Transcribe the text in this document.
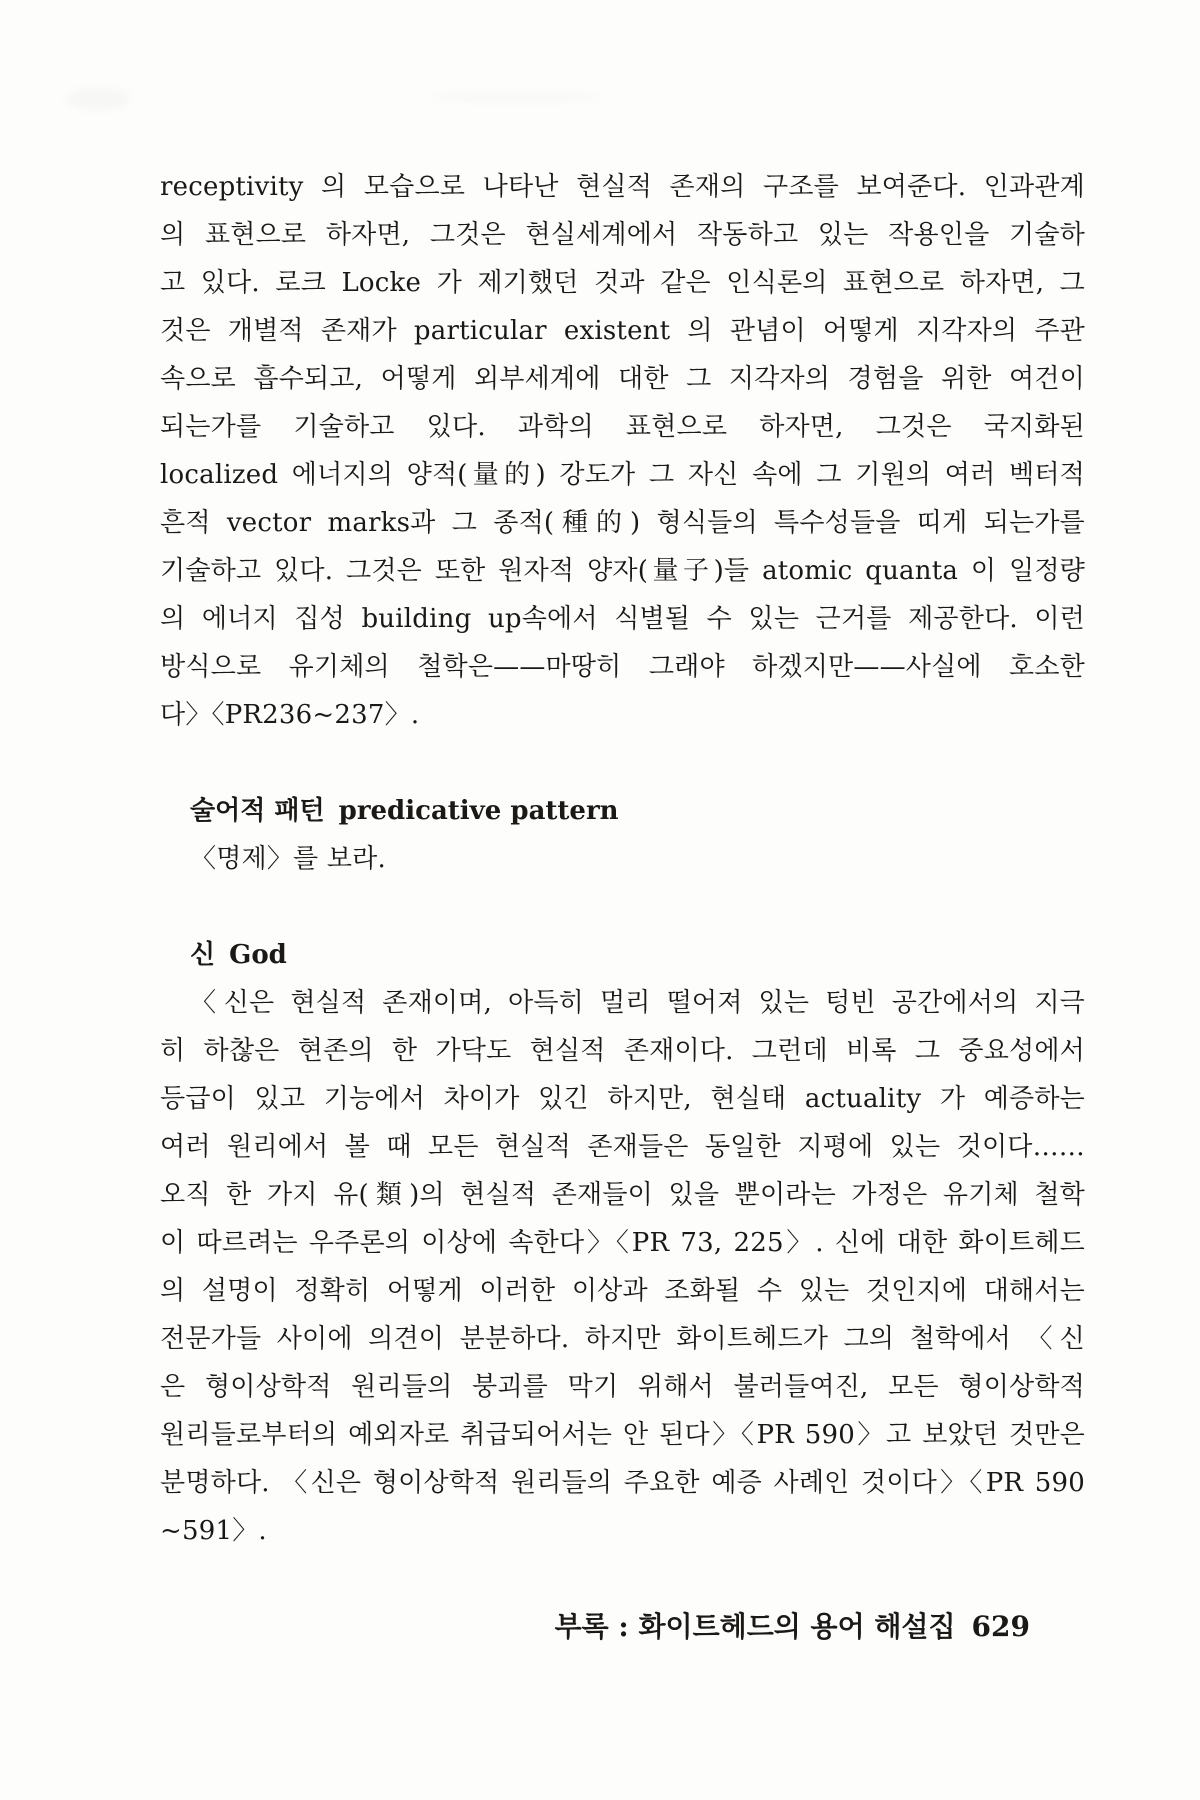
receptivity 의 모습으로 나타난 현실적 존재의 구조를 보여준다. 인과관계
의 표현으로 하자면, 그것은 현실세계에서 작동하고 있는 작용인을 기술하
고 있다. 로크 Locke 가 제기했던 것과 같은 인식론의 표현으로 하자면, 그
것은 개별적 존재가 particular existent 의 관념이 어떻게 지각자의 주관
속으로 흡수되고, 어떻게 외부세계에 대한 그 지각자의 경험을 위한 여건이
되는가를 기술하고 있다. 과학의 표현으로 하자면, 그것은 국지화된
localized 에너지의 양적(量的) 강도가 그 자신 속에 그 기원의 여러 벡터적
흔적 vector marks과 그 종적(種的) 형식들의 특수성들을 띠게 되는가를
기술하고 있다. 그것은 또한 원자적 양자(量子)들 atomic quanta 이 일정량
의 에너지 집성 building up속에서 식별될 수 있는 근거를 제공한다. 이런
방식으로 유기체의 철학은——마땅히 그래야 하겠지만——사실에 호소한
다〉〈PR236~237〉.
술어적 패턴 predicative pattern
〈명제〉를 보라.
신 God
〈신은 현실적 존재이며, 아득히 멀리 떨어져 있는 텅빈 공간에서의 지극
히 하찮은 현존의 한 가닥도 현실적 존재이다. 그런데 비록 그 중요성에서
등급이 있고 기능에서 차이가 있긴 하지만, 현실태 actuality 가 예증하는
여러 원리에서 볼 때 모든 현실적 존재들은 동일한 지평에 있는 것이다……
오직 한 가지 유(類)의 현실적 존재들이 있을 뿐이라는 가정은 유기체 철학
이 따르려는 우주론의 이상에 속한다〉〈PR 73, 225〉. 신에 대한 화이트헤드
의 설명이 정확히 어떻게 이러한 이상과 조화될 수 있는 것인지에 대해서는
전문가들 사이에 의견이 분분하다. 하지만 화이트헤드가 그의 철학에서 〈신
은 형이상학적 원리들의 붕괴를 막기 위해서 불러들여진, 모든 형이상학적
원리들로부터의 예외자로 취급되어서는 안 된다〉〈PR 590〉고 보았던 것만은
분명하다. 〈신은 형이상학적 원리들의 주요한 예증 사례인 것이다〉〈PR 590
~591〉.
부록 : 화이트헤드의 용어 해설집 629
